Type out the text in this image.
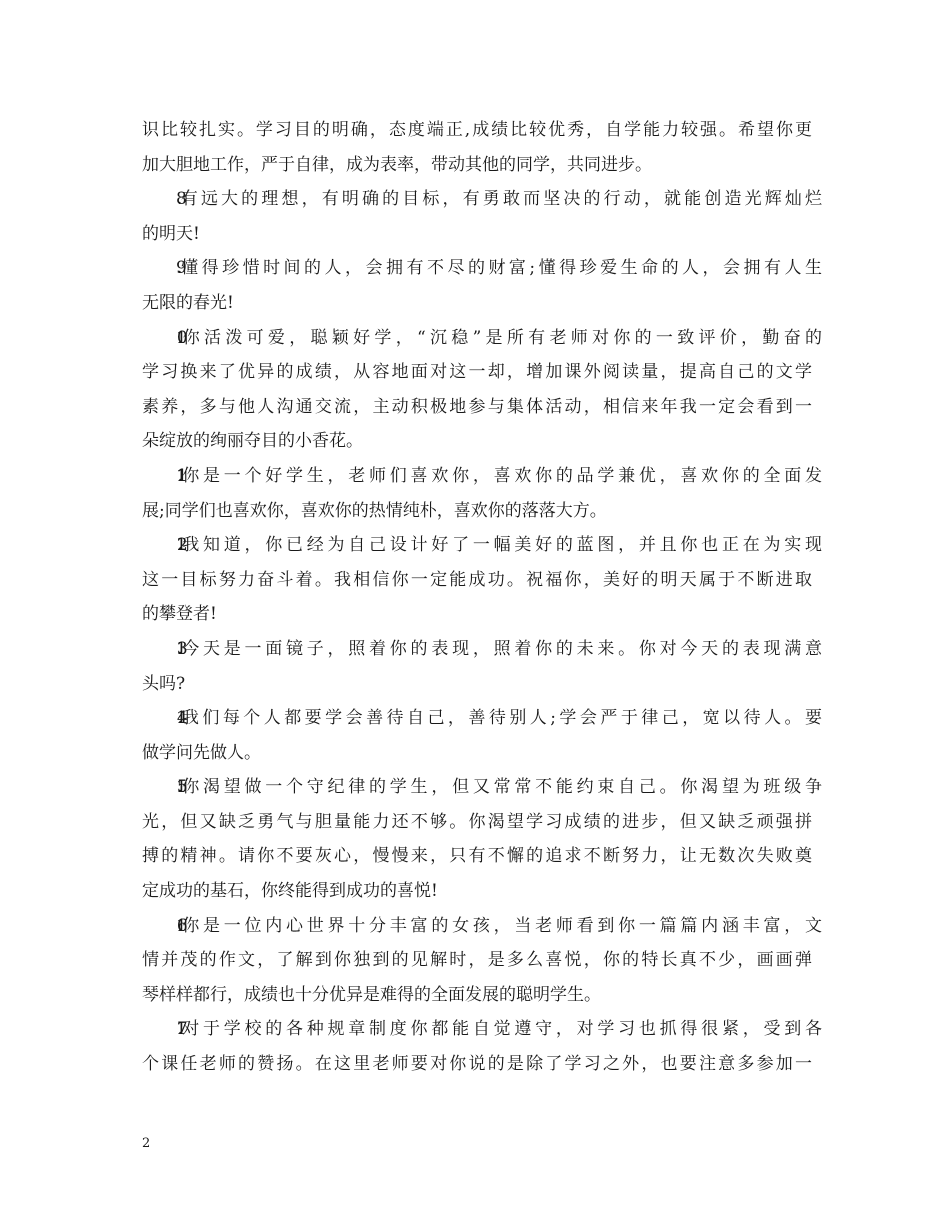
识比较扎实。学习目的明确，态度端正,成绩比较优秀，自学能力较强。希望你更
加大胆地工作，严于自律，成为表率，带动其他的同学，共同进步。
8. 有远大的理想，有明确的目标，有勇敢而坚决的行动，就能创造光辉灿烂
的明天!
9. 懂得珍惜时间的人，会拥有不尽的财富;懂得珍爱生命的人，会拥有人生
无限的春光!
10. 你活泼可爱，聪颖好学，“沉稳”是所有老师对你的一致评价，勤奋的
学习换来了优异的成绩，从容地面对这一却，增加课外阅读量，提高自己的文学
素养，多与他人沟通交流，主动积极地参与集体活动，相信来年我一定会看到一
朵绽放的绚丽夺目的小香花。
11. 你是一个好学生，老师们喜欢你，喜欢你的品学兼优，喜欢你的全面发
展;同学们也喜欢你，喜欢你的热情纯朴，喜欢你的落落大方。
12. 我知道，你已经为自己设计好了一幅美好的蓝图，并且你也正在为实现
这一目标努力奋斗着。我相信你一定能成功。祝福你，美好的明天属于不断进取
的攀登者!
13. 今天是一面镜子，照着你的表现，照着你的未来。你对今天的表现满意
头吗?
14. 我们每个人都要学会善待自己，善待别人;学会严于律己，宽以待人。要
做学问先做人。
15. 你渴望做一个守纪律的学生，但又常常不能约束自己。你渴望为班级争
光，但又缺乏勇气与胆量能力还不够。你渴望学习成绩的进步，但又缺乏顽强拼
搏的精神。请你不要灰心，慢慢来，只有不懈的追求不断努力，让无数次失败奠
定成功的基石，你终能得到成功的喜悦!
16. 你是一位内心世界十分丰富的女孩，当老师看到你一篇篇内涵丰富，文
情并茂的作文，了解到你独到的见解时，是多么喜悦，你的特长真不少，画画弹
琴样样都行，成绩也十分优异是难得的全面发展的聪明学生。
17. 对于学校的各种规章制度你都能自觉遵守，对学习也抓得很紧，受到各
个课任老师的赞扬。在这里老师要对你说的是除了学习之外，也要注意多参加一
2
